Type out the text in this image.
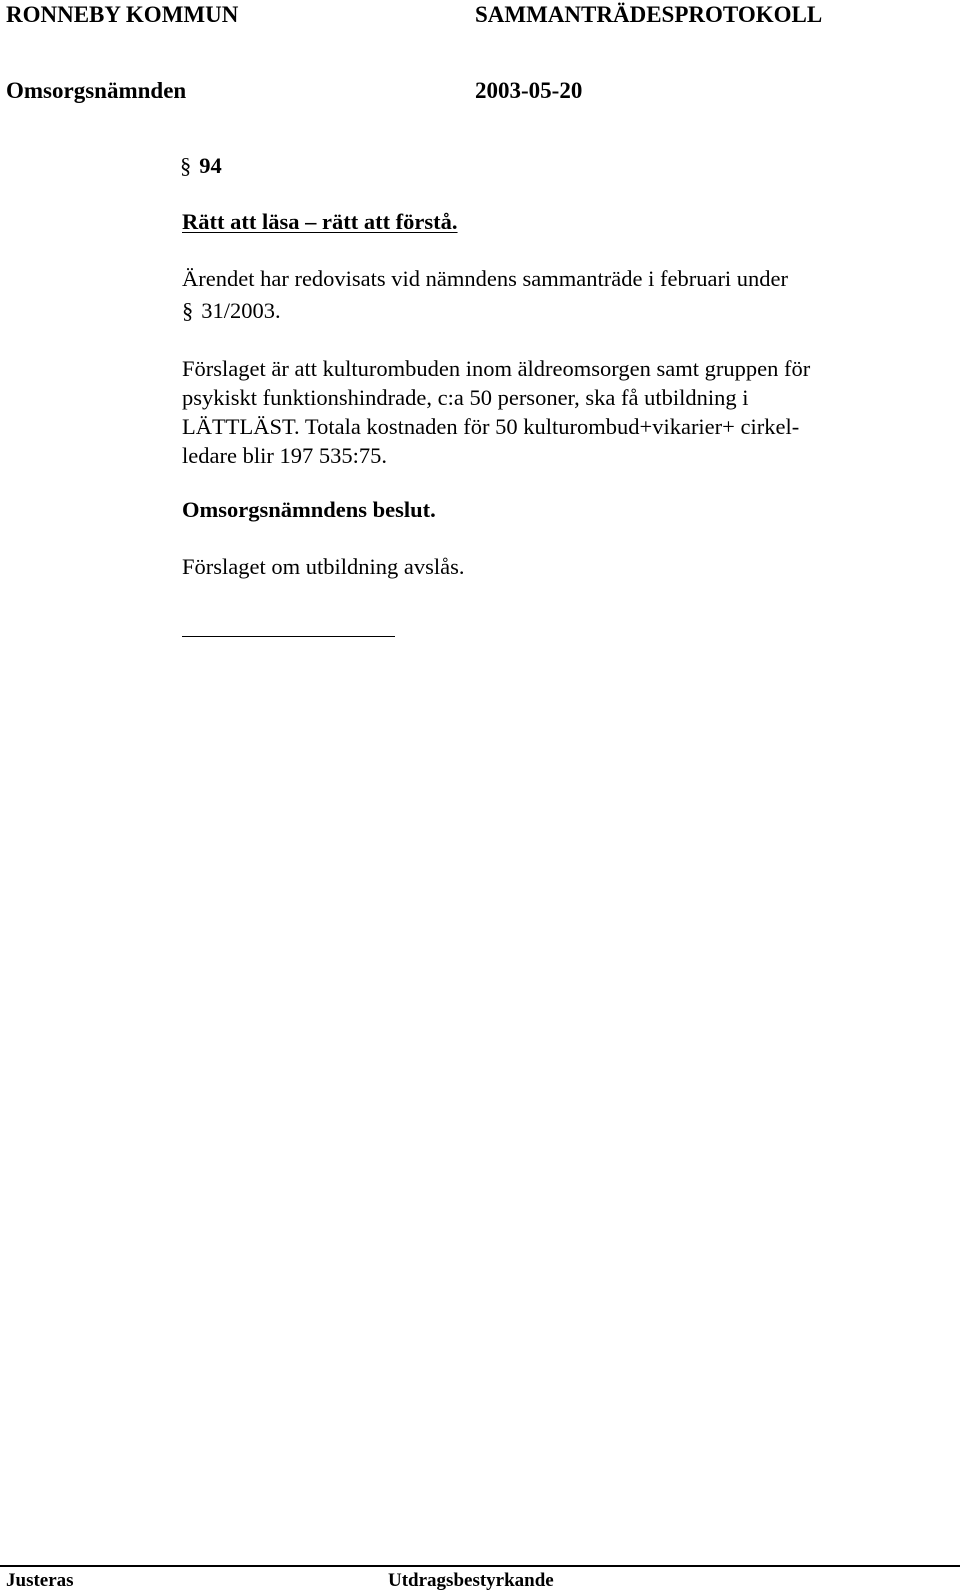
RONNEBY KOMMUN	SAMMANTRÄDESPROTOKOLL
Omsorgsnämnden	2003-05-20
§ 94
Rätt att läsa – rätt att förstå.
Ärendet har redovisats vid nämndens sammanträde i februari under
§ 31/2003.
Förslaget är att kulturombuden inom äldreomsorgen samt gruppen för
psykiskt funktionshindrade, c:a 50 personer, ska få utbildning i
LÄTTLÄST. Totala kostnaden för 50 kulturombud+vikarier+ cirkel-
ledare blir 197 535:75.
Omsorgsnämndens beslut.
Förslaget om utbildning avslås.
Justeras	Utdragsbestyrkande
